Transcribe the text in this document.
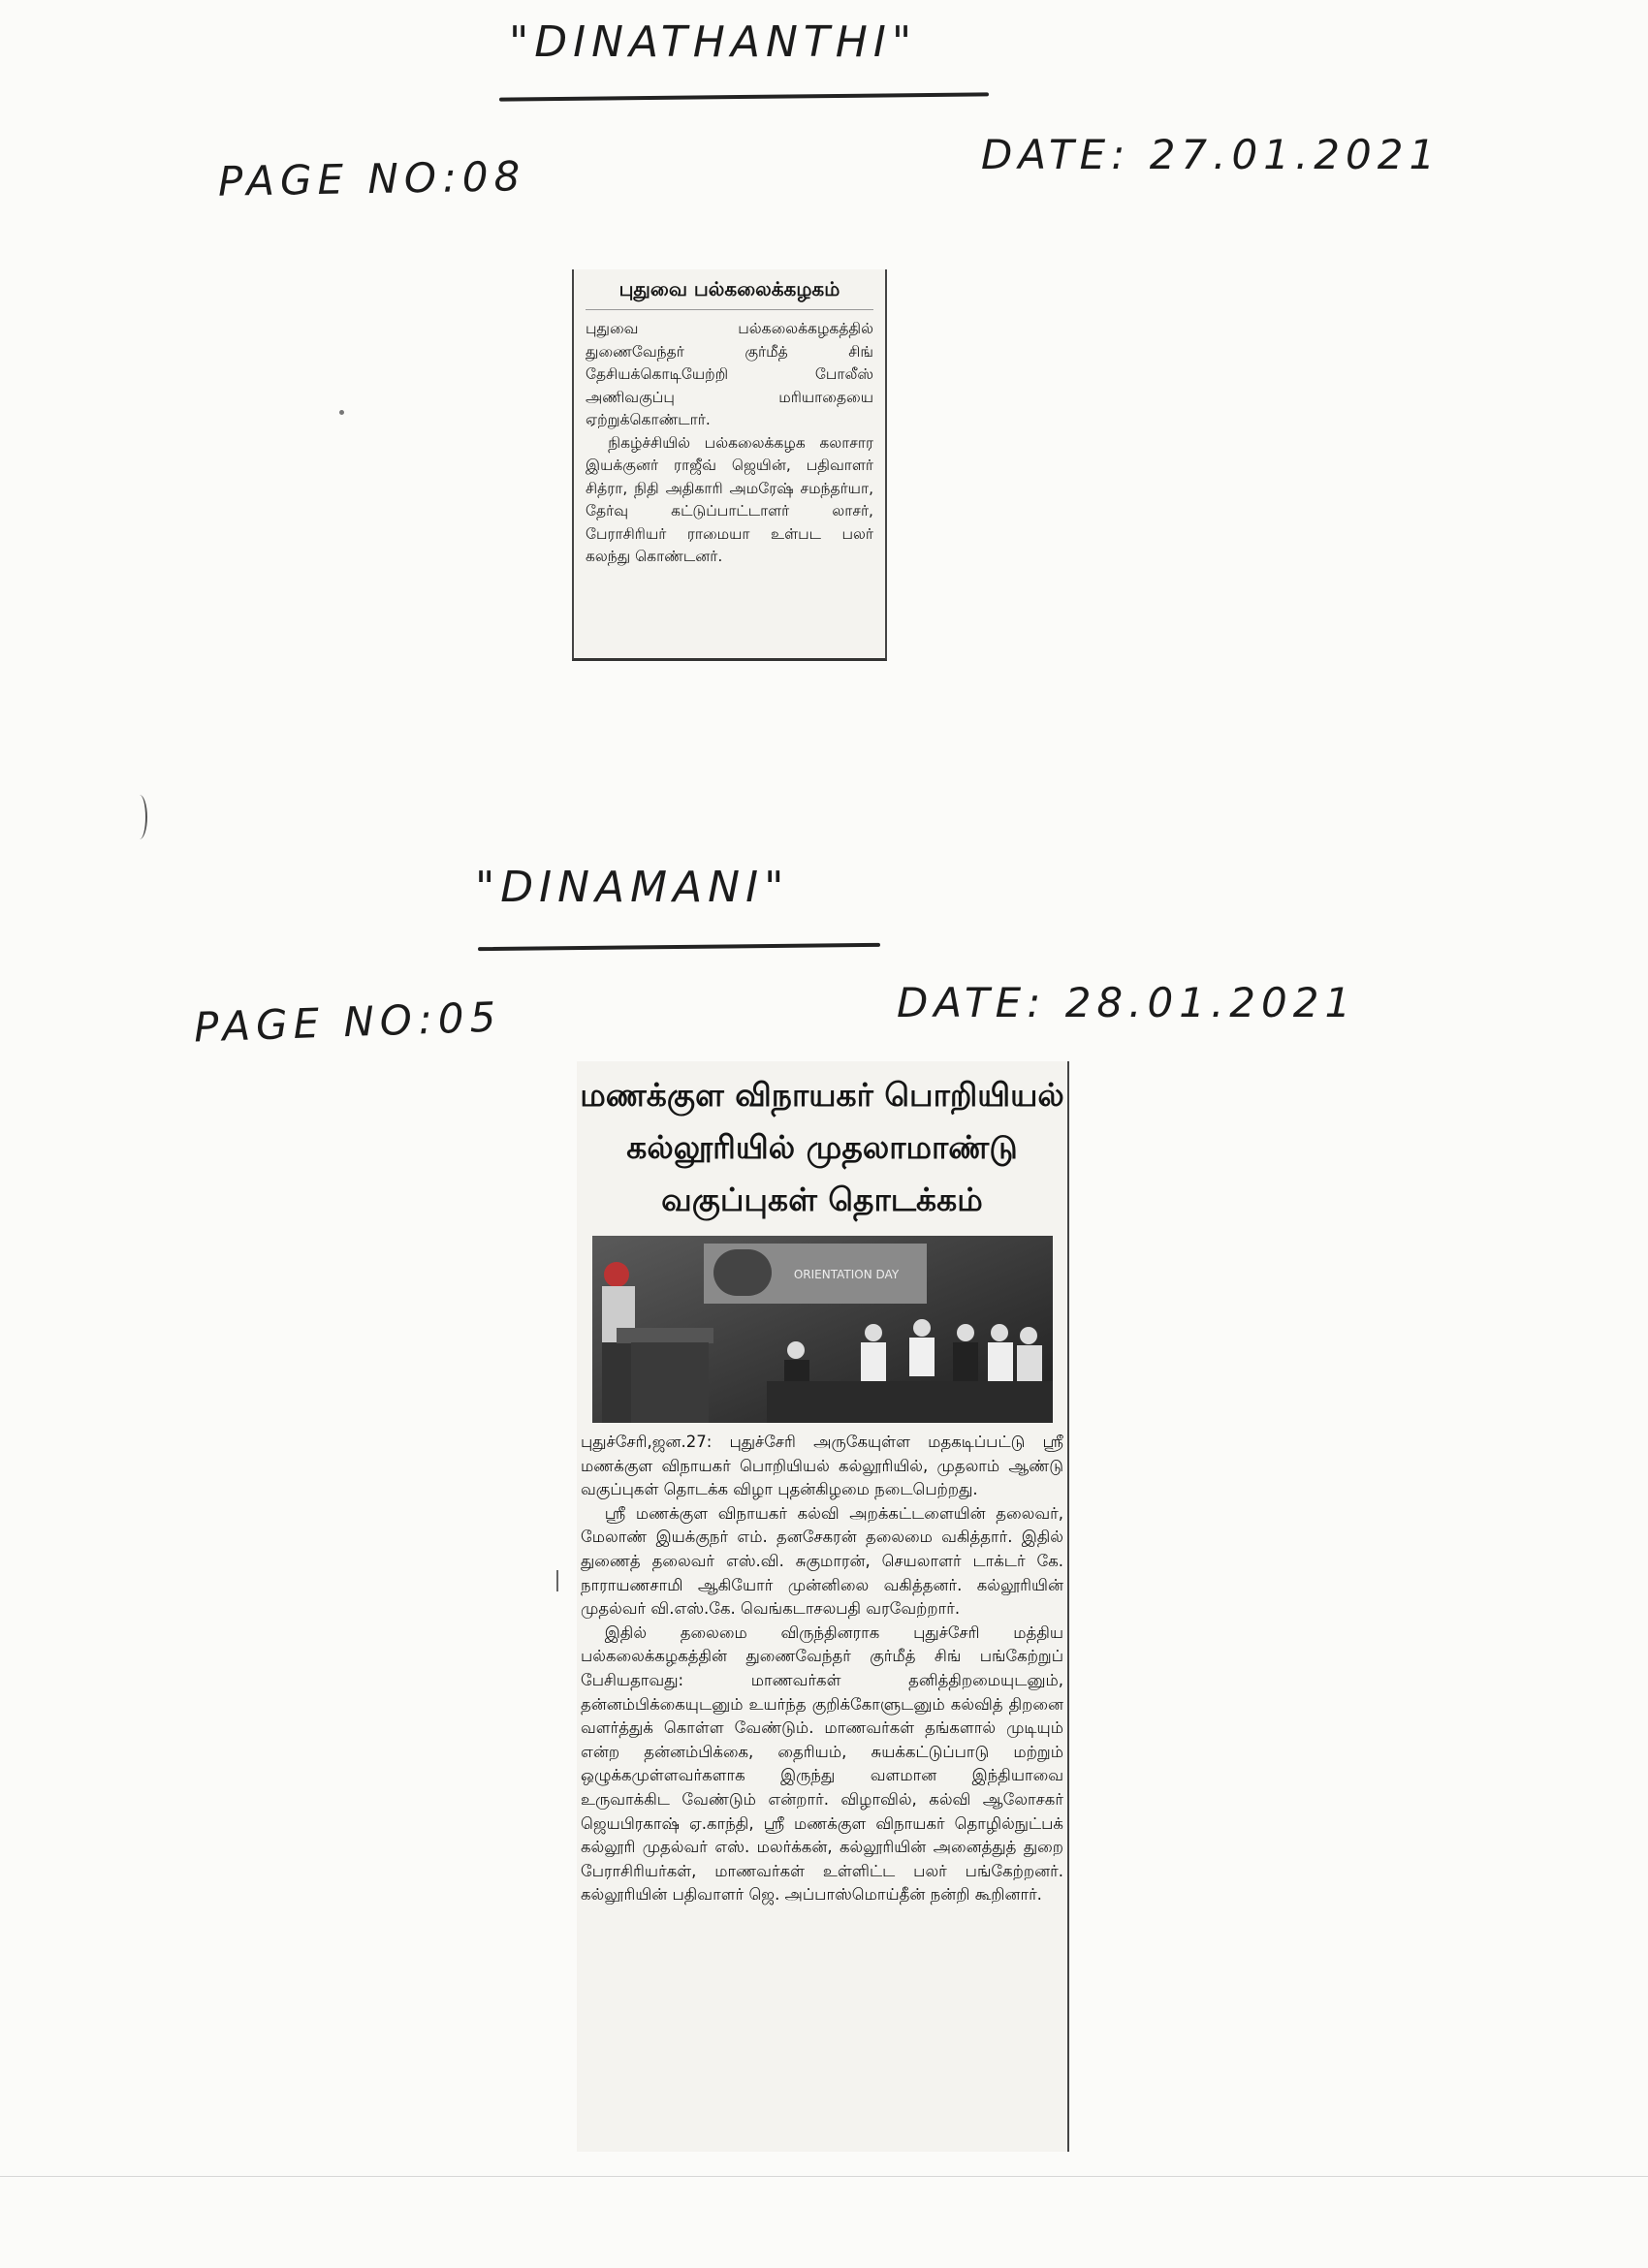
"DINATHANTHI"
PAGE NO:08	DATE: 27.01.2021
புதுவை பல்கலைக்கழகம்

புதுவை பல்கலைக்கழகத்தில் துணைவேந்தர் குர்மீத் சிங் தேசியக்கொடியேற்றி போலீஸ் அணிவகுப்பு மரியாதையை ஏற்றுக்கொண்டார்.

நிகழ்ச்சியில் பல்கலைக்கழக கலாசார இயக்குனர் ராஜீவ் ஜெயின், பதிவாளர் சித்ரா, நிதி அதிகாரி அமரேஷ் சமந்தர்யா, தேர்வு கட்டுப்பாட்டாளர் லாசர், பேராசிரியர் ராமையா உள்பட பலர் கலந்து கொண்டனர்.

"DINAMANI"
PAGE NO:05	DATE: 28.01.2021
மணக்குள விநாயகர் பொறியியல்
கல்லூரியில் முதலாமாண்டு
வகுப்புகள் தொடக்கம்
ORIENTATION DAY

புதுச்சேரி,ஜன.27: புதுச்சேரி அருகேயுள்ள மதகடிப்பட்டு ஸ்ரீ மணக்குள விநாயகர் பொறியியல் கல்லூரியில், முதலாம் ஆண்டு வகுப்புகள் தொடக்க விழா புதன்கிழமை நடைபெற்றது.

ஸ்ரீ மணக்குள விநாயகர் கல்வி அறக்கட்டளையின் தலைவர், மேலாண் இயக்குநர் எம். தனசேகரன் தலைமை வகித்தார். இதில் துணைத் தலைவர் எஸ்.வி. சுகுமாரன், செயலாளர் டாக்டர் கே. நாராயணசாமி ஆகியோர் முன்னிலை வகித்தனர். கல்லூரியின் முதல்வர் வி.எஸ்.கே. வெங்கடாசலபதி வரவேற்றார்.

இதில் தலைமை விருந்தினராக புதுச்சேரி மத்திய பல்கலைக்கழகத்தின் துணைவேந்தர் குர்மீத் சிங் பங்கேற்றுப் பேசியதாவது: மாணவர்கள் தனித்திறமையுடனும், தன்னம்பிக்கையுடனும் உயர்ந்த குறிக்கோளுடனும் கல்வித் திறனை வளர்த்துக் கொள்ள வேண்டும். மாணவர்கள் தங்களால் முடியும் என்ற தன்னம்பிக்கை, தைரியம், சுயக்கட்டுப்பாடு மற்றும் ஒழுக்கமுள்ளவர்களாக இருந்து வளமான இந்தியாவை உருவாக்கிட வேண்டும் என்றார். விழாவில், கல்வி ஆலோசகர் ஜெயபிரகாஷ் ஏ.காந்தி, ஸ்ரீ மணக்குள விநாயகர் தொழில்நுட்பக் கல்லூரி முதல்வர் எஸ். மலர்க்கன், கல்லூரியின் அனைத்துத் துறை பேராசிரியர்கள், மாணவர்கள் உள்ளிட்ட பலர் பங்கேற்றனர். கல்லூரியின் பதிவாளர் ஜெ. அப்பாஸ்மொய்தீன் நன்றி கூறினார்.
